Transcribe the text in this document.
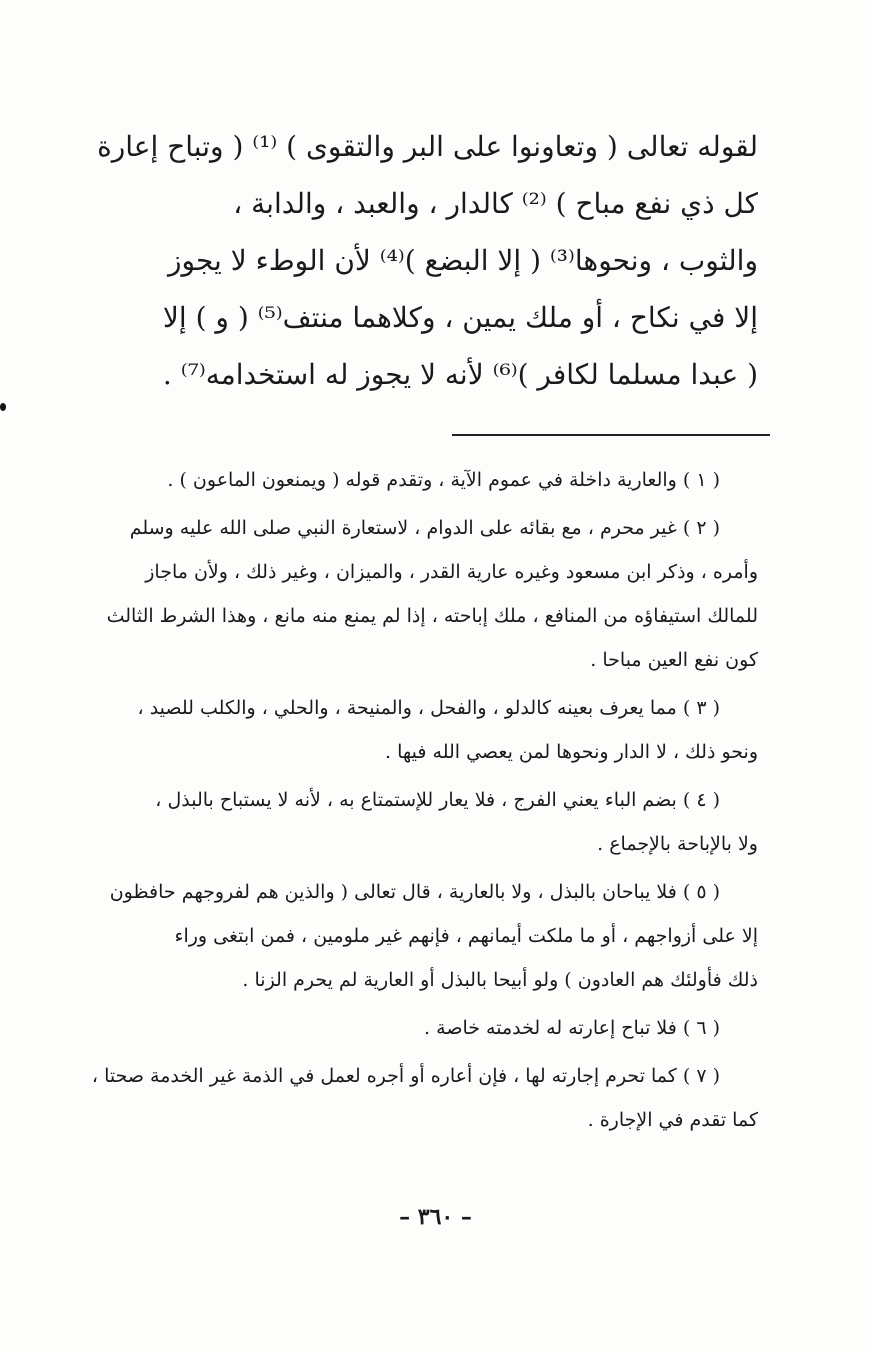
لقوله تعالى ( وتعاونوا على البر والتقوى ) ⁽¹⁾ ( وتباح إعارة
كل ذي نفع مباح ) ⁽²⁾ كالدار ، والعبد ، والدابة ،
والثوب ، ونحوها⁽³⁾ ( إلا البضع )⁽⁴⁾ لأن الوطء لا يجوز
إلا في نكاح ، أو ملك يمين ، وكلاهما منتف⁽⁵⁾ ( و ) إلا
( عبدا مسلما لكافر )⁽⁶⁾ لأنه لا يجوز له استخدامه⁽⁷⁾ .
( ١ ) والعارية داخلة في عموم الآية ، وتقدم قوله ( ويمنعون الماعون ) .
( ٢ ) غير محرم ، مع بقائه على الدوام ، لاستعارة النبي صلى الله عليه وسلم
وأمره ، وذكر ابن مسعود وغيره عارية القدر ، والميزان ، وغير ذلك ، ولأن ماجاز
للمالك استيفاؤه من المنافع ، ملك إباحته ، إذا لم يمنع منه مانع ، وهذا الشرط الثالث
كون نفع العين مباحا .
( ٣ ) مما يعرف بعينه كالدلو ، والفحل ، والمنيحة ، والحلي ، والكلب للصيد ،
ونحو ذلك ، لا الدار ونحوها لمن يعصي الله فيها .
( ٤ ) بضم الباء يعني الفرج ، فلا يعار للإستمتاع به ، لأنه لا يستباح بالبذل ،
ولا بالإباحة بالإجماع .
( ٥ ) فلا يباحان بالبذل ، ولا بالعارية ، قال تعالى ( والذين هم لفروجهم حافظون
إلا على أزواجهم ، أو ما ملكت أيمانهم ، فإنهم غير ملومين ، فمن ابتغى وراء
ذلك فأولئك هم العادون ) ولو أبيحا بالبذل أو العارية لم يحرم الزنا .
( ٦ ) فلا تباح إعارته له لخدمته خاصة .
( ٧ ) كما تحرم إجارته لها ، فإن أعاره أو أجره لعمل في الذمة غير الخدمة صحتا ،
كما تقدم في الإجارة .
– ٣٦٠ –
